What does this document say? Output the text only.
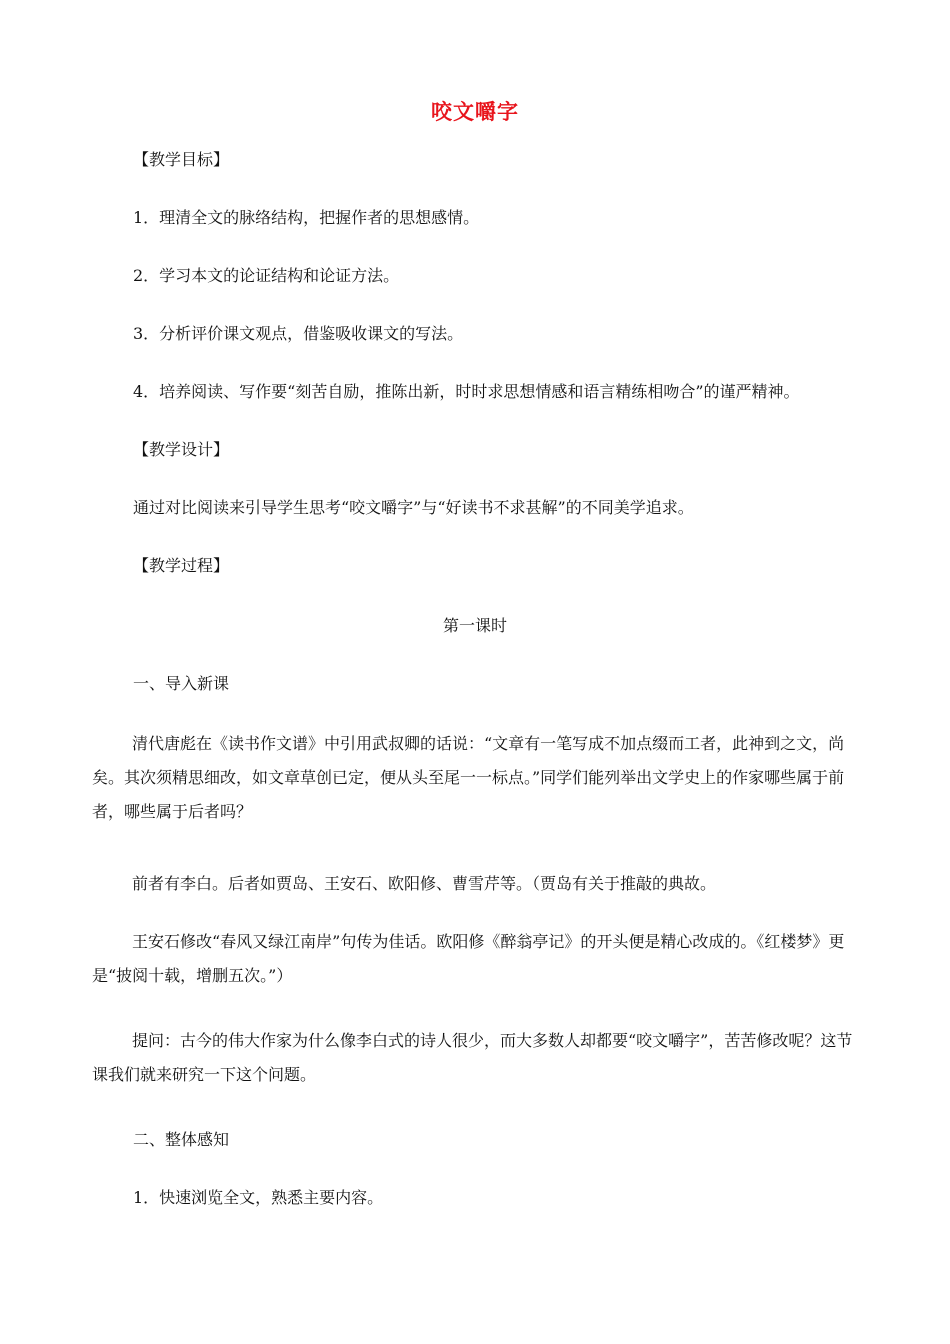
咬文嚼字
【教学目标】
1．理清全文的脉络结构，把握作者的思想感情。
2．学习本文的论证结构和论证方法。
3．分析评价课文观点，借鉴吸收课文的写法。
4．培养阅读、写作要“刻苦自励，推陈出新，时时求思想情感和语言精练相吻合”的谨严精神。
【教学设计】
通过对比阅读来引导学生思考“咬文嚼字”与“好读书不求甚解”的不同美学追求。
【教学过程】
第一课时
一、导入新课
清代唐彪在《读书作文谱》中引用武叔卿的话说：“文章有一笔写成不加点缀而工者，此神到之文，尚矣。其次须精思细改，如文章草创已定，便从头至尾一一标点。”同学们能列举出文学史上的作家哪些属于前者，哪些属于后者吗？
前者有李白。后者如贾岛、王安石、欧阳修、曹雪芹等。（贾岛有关于推敲的典故。
王安石修改“春风又绿江南岸”句传为佳话。欧阳修《醉翁亭记》的开头便是精心改成的。《红楼梦》更是“披阅十载，增删五次。”）
提问：古今的伟大作家为什么像李白式的诗人很少，而大多数人却都要“咬文嚼字”，苦苦修改呢？这节课我们就来研究一下这个问题。
二、整体感知
1．快速浏览全文，熟悉主要内容。
